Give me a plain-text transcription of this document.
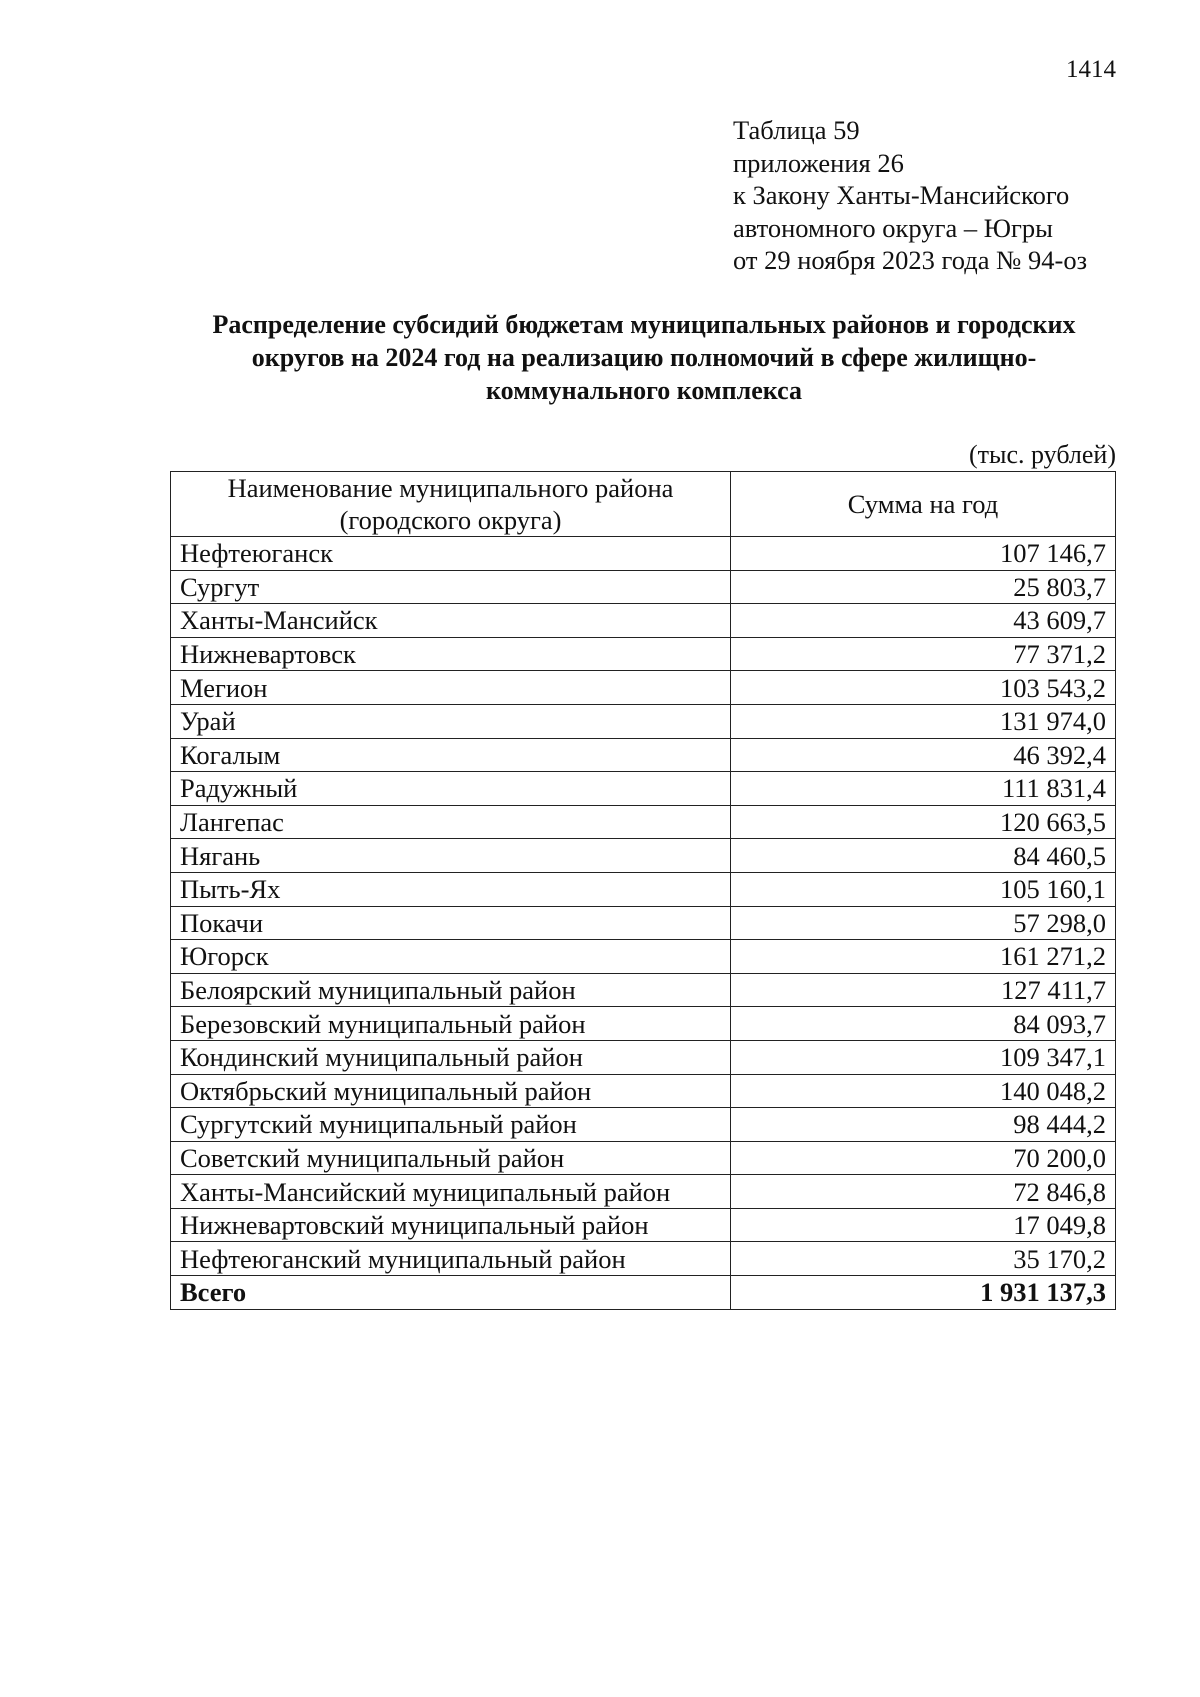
1414
Таблица 59
приложения 26
к Закону Ханты-Мансийского
автономного округа – Югры
от 29 ноября 2023 года № 94-оз
Распределение субсидий бюджетам муниципальных районов и городских
округов на 2024 год на реализацию полномочий в сфере жилищно-
коммунального комплекса
(тыс. рублей)
Наименование муниципального района
(городского округа)	Сумма на год
Нефтеюганск	107 146,7
Сургут	25 803,7
Ханты-Мансийск	43 609,7
Нижневартовск	77 371,2
Мегион	103 543,2
Урай	131 974,0
Когалым	46 392,4
Радужный	111 831,4
Лангепас	120 663,5
Нягань	84 460,5
Пыть-Ях	105 160,1
Покачи	57 298,0
Югорск	161 271,2
Белоярский муниципальный район	127 411,7
Березовский муниципальный район	84 093,7
Кондинский муниципальный район	109 347,1
Октябрьский муниципальный район	140 048,2
Сургутский муниципальный район	98 444,2
Советский муниципальный район	70 200,0
Ханты-Мансийский муниципальный район	72 846,8
Нижневартовский муниципальный район	17 049,8
Нефтеюганский муниципальный район	35 170,2
Всего	1 931 137,3
